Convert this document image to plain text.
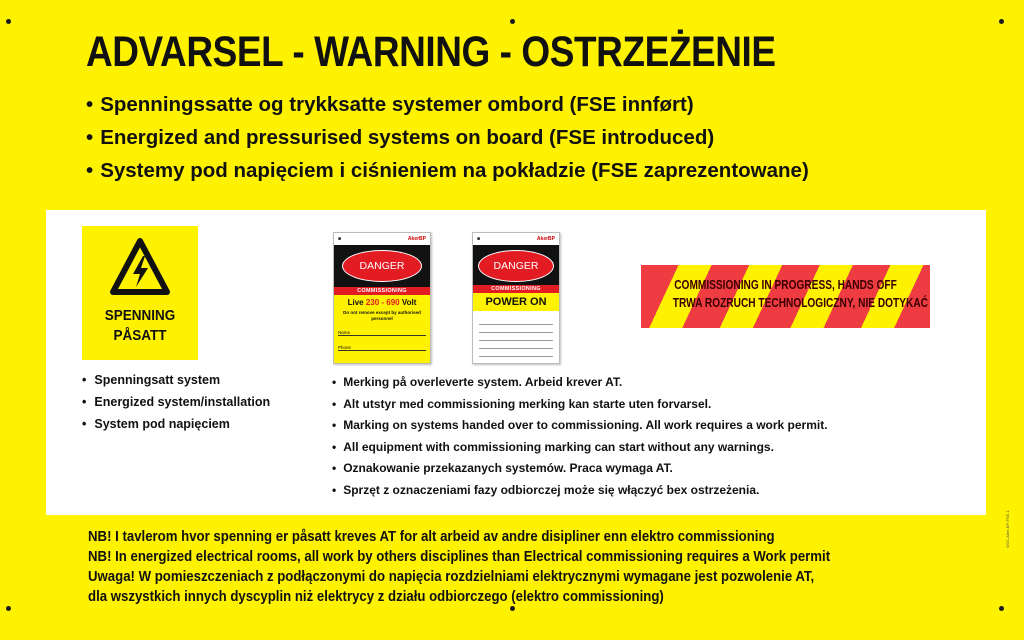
ADVARSEL - WARNING - OSTRZEŻENIE
• Spenningssatte og trykksatte systemer ombord (FSE innført)
• Energized and pressurised systems on board (FSE introduced)
• Systemy pod napięciem i ciśnieniem na pokładzie (FSE zaprezentowane)
SPENNING
PÅSATT
• Spenningsatt system
• Energized system/installation
• System pod napięciem
■	AkerBP
DANGER
COMMISSIONING
Live 230 - 690 Volt
Do not remove except by authorised personnel
Name
Phone
■	AkerBP
DANGER
COMMISSIONING
POWER ON
COMMISSIONING IN PROGRESS, HANDS OFF
TRWA ROZRUCH TECHNOLOGICZNY, NIE DOTYKAĆ
• Merking på overleverte system. Arbeid krever AT.
• Alt utstyr med commissioning merking kan starte uten forvarsel.
• Marking on systems handed over to commissioning. All work requires a work permit.
• All equipment with commissioning marking can start without any warnings.
• Oznakowanie przekazanych systemów. Praca wymaga AT.
• Sprzęt z oznaczeniami fazy odbiorczej może się włączyć bex ostrzeżenia.
NB! I tavlerom hvor spenning er påsatt kreves AT for alt arbeid av andre disipliner enn elektro commissioning
NB! In energized electrical rooms, all work by others disciplines than Electrical commissioning requires a Work permit
Uwaga! W pomieszczeniach z podłączonymi do napięcia rozdzielniami elektrycznymi wymagane jest pozwolenie AT,
dla wszystkich innych dyscyplin niż elektrycy z działu odbiorczego (elektro commissioning)
W1C-Aker-BP-FSE-1
